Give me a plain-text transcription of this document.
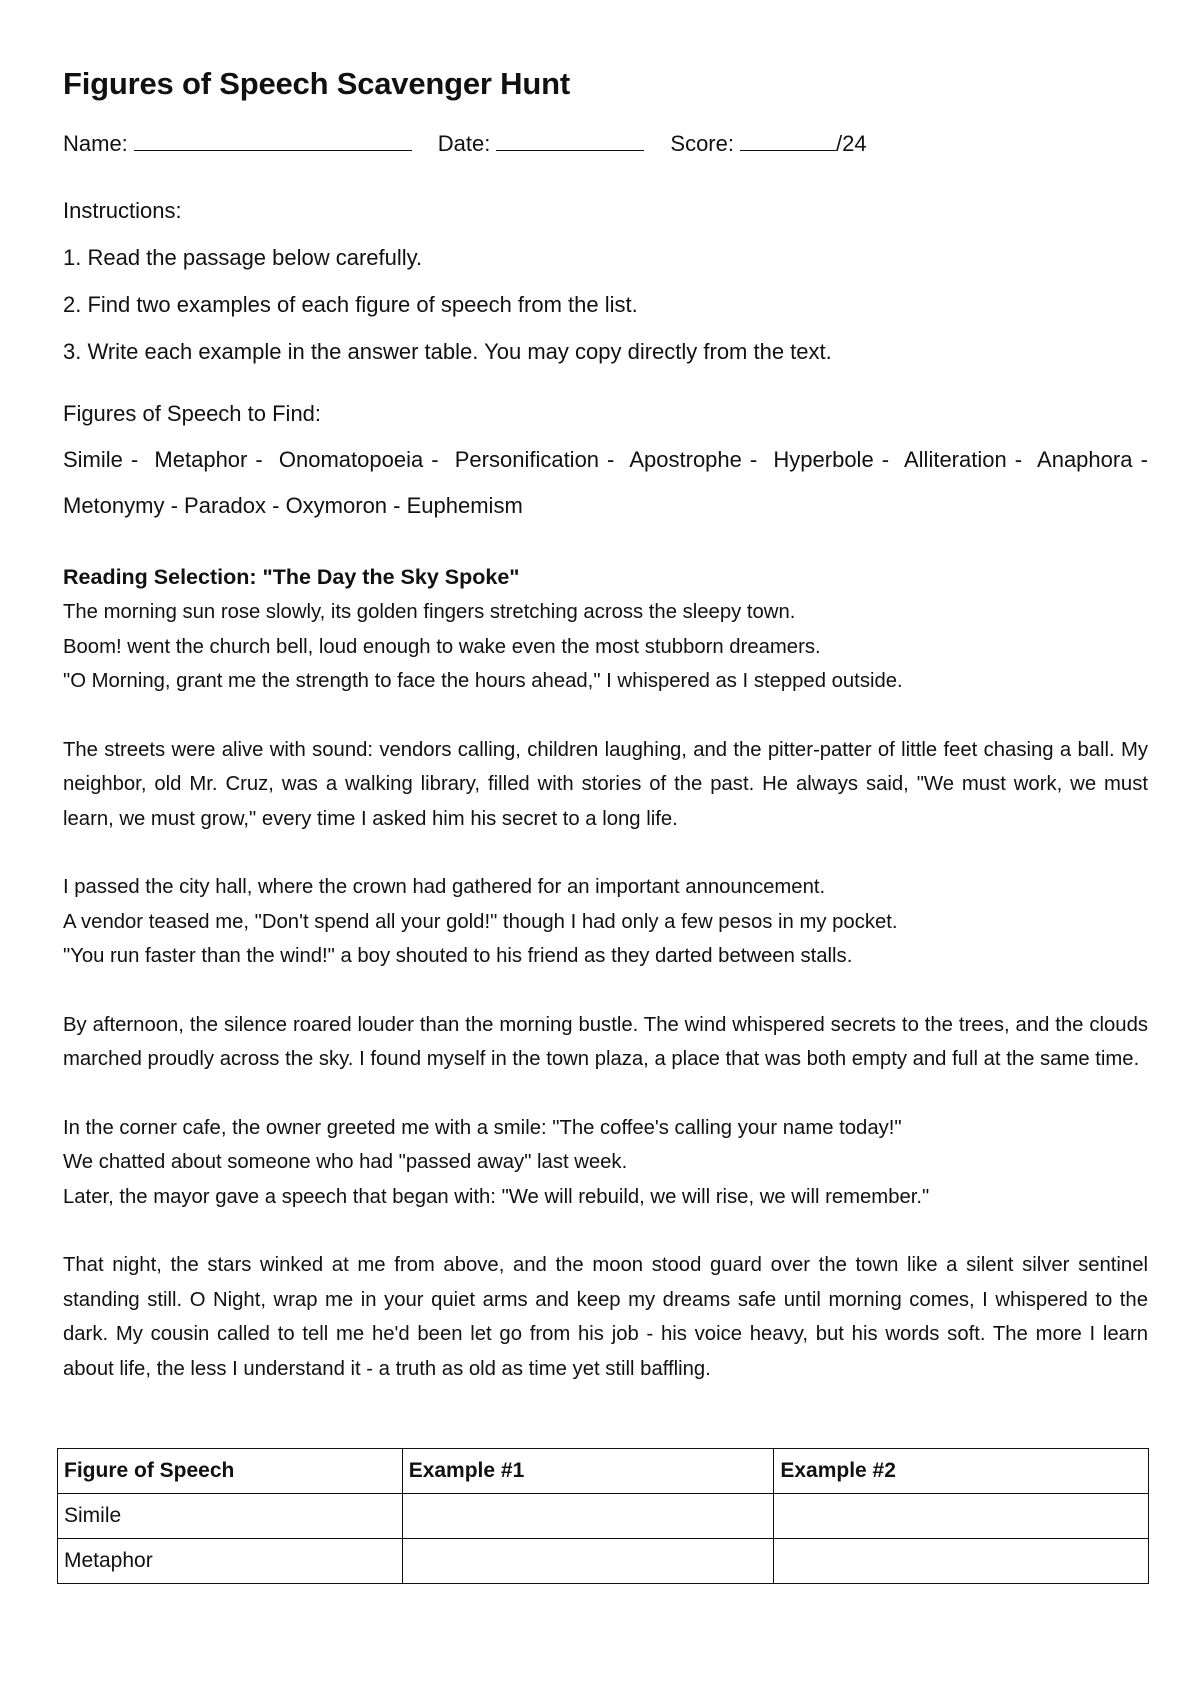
Figures of Speech Scavenger Hunt
Name:	Date:	Score:	/24
Instructions:
1. Read the passage below carefully.
2. Find two examples of each figure of speech from the list.
3. Write each example in the answer table. You may copy directly from the text.
Figures of Speech to Find:
Simile - Metaphor - Onomatopoeia - Personification - Apostrophe - Hyperbole - Alliteration - Anaphora - Metonymy - Paradox - Oxymoron - Euphemism
Reading Selection: "The Day the Sky Spoke"

The morning sun rose slowly, its golden fingers stretching across the sleepy town.

Boom! went the church bell, loud enough to wake even the most stubborn dreamers.

"O Morning, grant me the strength to face the hours ahead," I whispered as I stepped outside.

The streets were alive with sound: vendors calling, children laughing, and the pitter-patter of little feet chasing a ball. My neighbor, old Mr. Cruz, was a walking library, filled with stories of the past. He always said, "We must work, we must learn, we must grow," every time I asked him his secret to a long life.

I passed the city hall, where the crown had gathered for an important announcement.

A vendor teased me, "Don't spend all your gold!" though I had only a few pesos in my pocket.

"You run faster than the wind!" a boy shouted to his friend as they darted between stalls.

By afternoon, the silence roared louder than the morning bustle. The wind whispered secrets to the trees, and the clouds marched proudly across the sky. I found myself in the town plaza, a place that was both empty and full at the same time.

In the corner cafe, the owner greeted me with a smile: "The coffee's calling your name today!"

We chatted about someone who had "passed away" last week.

Later, the mayor gave a speech that began with: "We will rebuild, we will rise, we will remember."

That night, the stars winked at me from above, and the moon stood guard over the town like a silent silver sentinel standing still. O Night, wrap me in your quiet arms and keep my dreams safe until morning comes, I whispered to the dark. My cousin called to tell me he'd been let go from his job - his voice heavy, but his words soft. The more I learn about life, the less I understand it - a truth as old as time yet still baffling.

Figure of Speech	Example #1	Example #2
Simile		
Metaphor		
